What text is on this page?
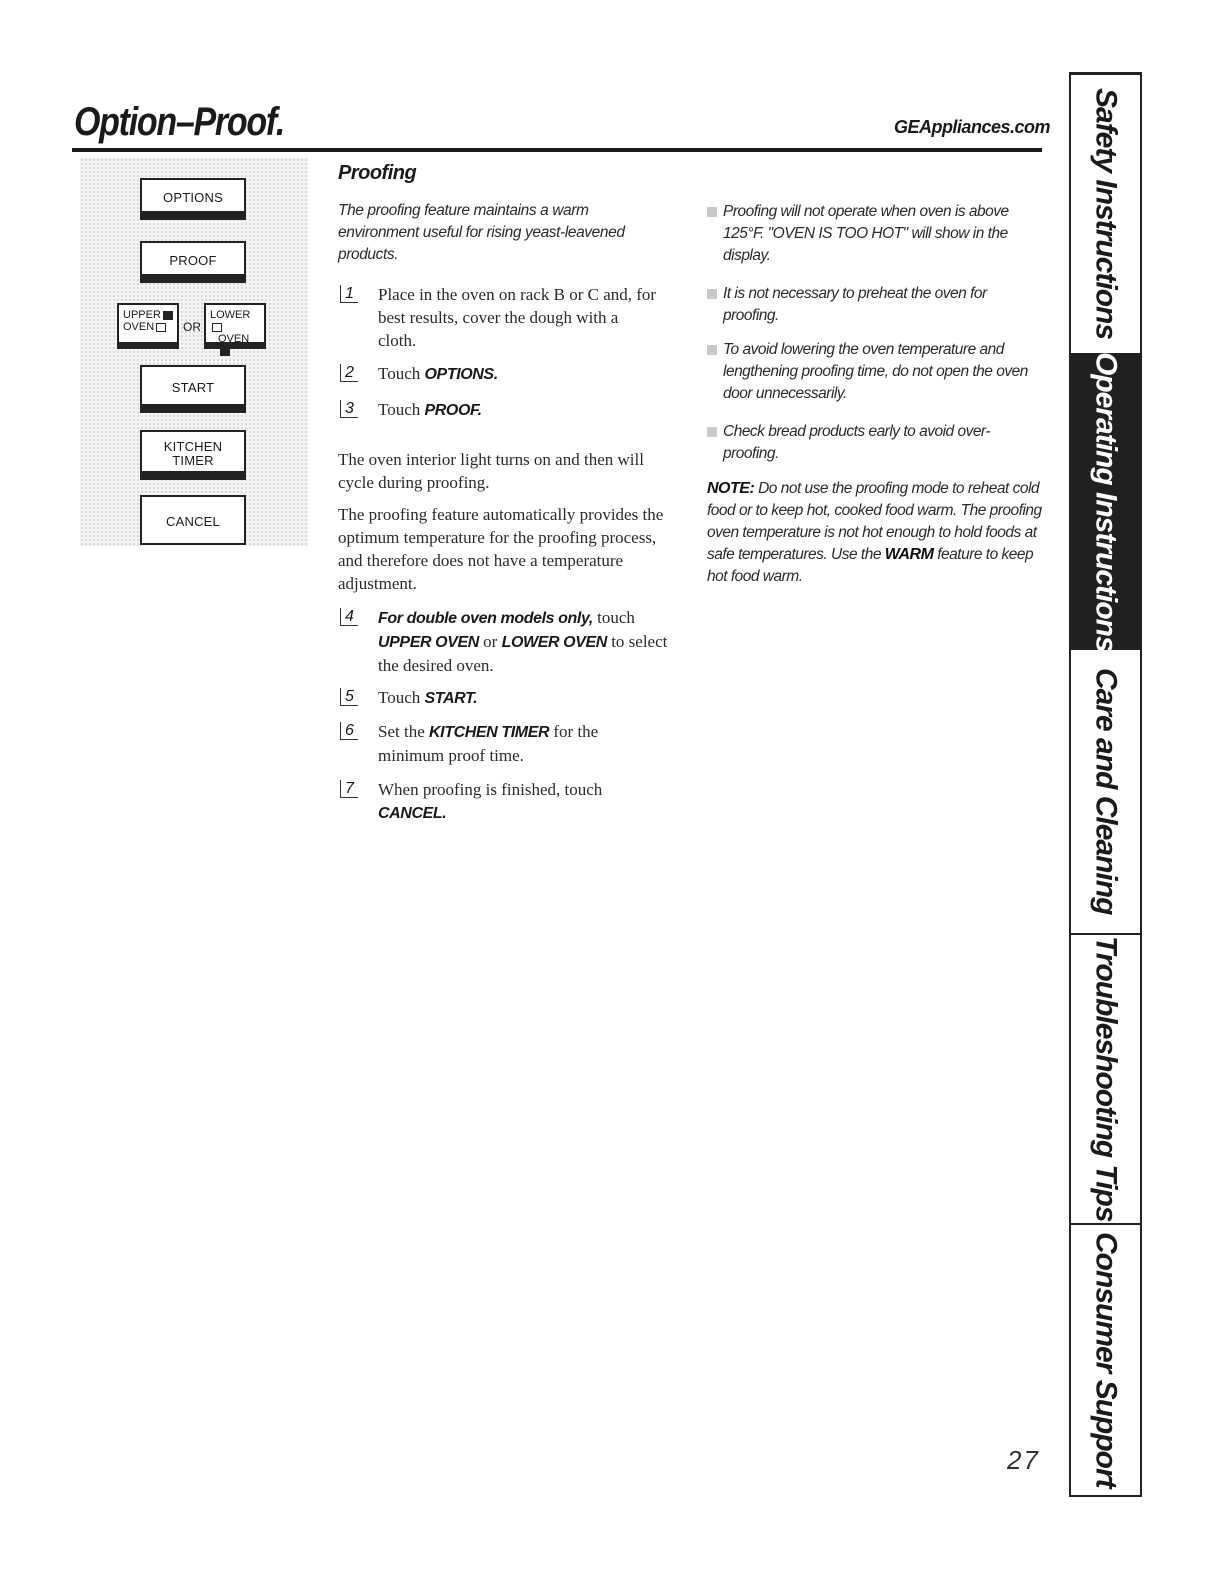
Option–Proof.	GEAppliances.com
OPTIONS
PROOF
UPPER
OVEN	OR
LOWER
OVEN
START
KITCHEN
TIMER
CANCEL
Proofing
The proofing feature maintains a warm environment useful for rising yeast-leavened products.
1 Place in the oven on rack B or C and, for best results, cover the dough with a cloth.
2 Touch OPTIONS.
3 Touch PROOF.
The oven interior light turns on and then will cycle during proofing.
The proofing feature automatically provides the optimum temperature for the proofing process, and therefore does not have a temperature adjustment.
4 For double oven models only, touch UPPER OVEN or LOWER OVEN to select the desired oven.
5 Touch START.
6 Set the KITCHEN TIMER for the minimum proof time.
7 When proofing is finished, touch CANCEL.
Proofing will not operate when oven is above 125°F. "OVEN IS TOO HOT" will show in the display.
It is not necessary to preheat the oven for proofing.
To avoid lowering the oven temperature and lengthening proofing time, do not open the oven door unnecessarily.
Check bread products early to avoid over-proofing.
NOTE: Do not use the proofing mode to reheat cold food or to keep hot, cooked food warm. The proofing oven temperature is not hot enough to hold foods at safe temperatures. Use the WARM feature to keep hot food warm.
27
Safety Instructions
Operating Instructions
Care and Cleaning
Troubleshooting Tips
Consumer Support
